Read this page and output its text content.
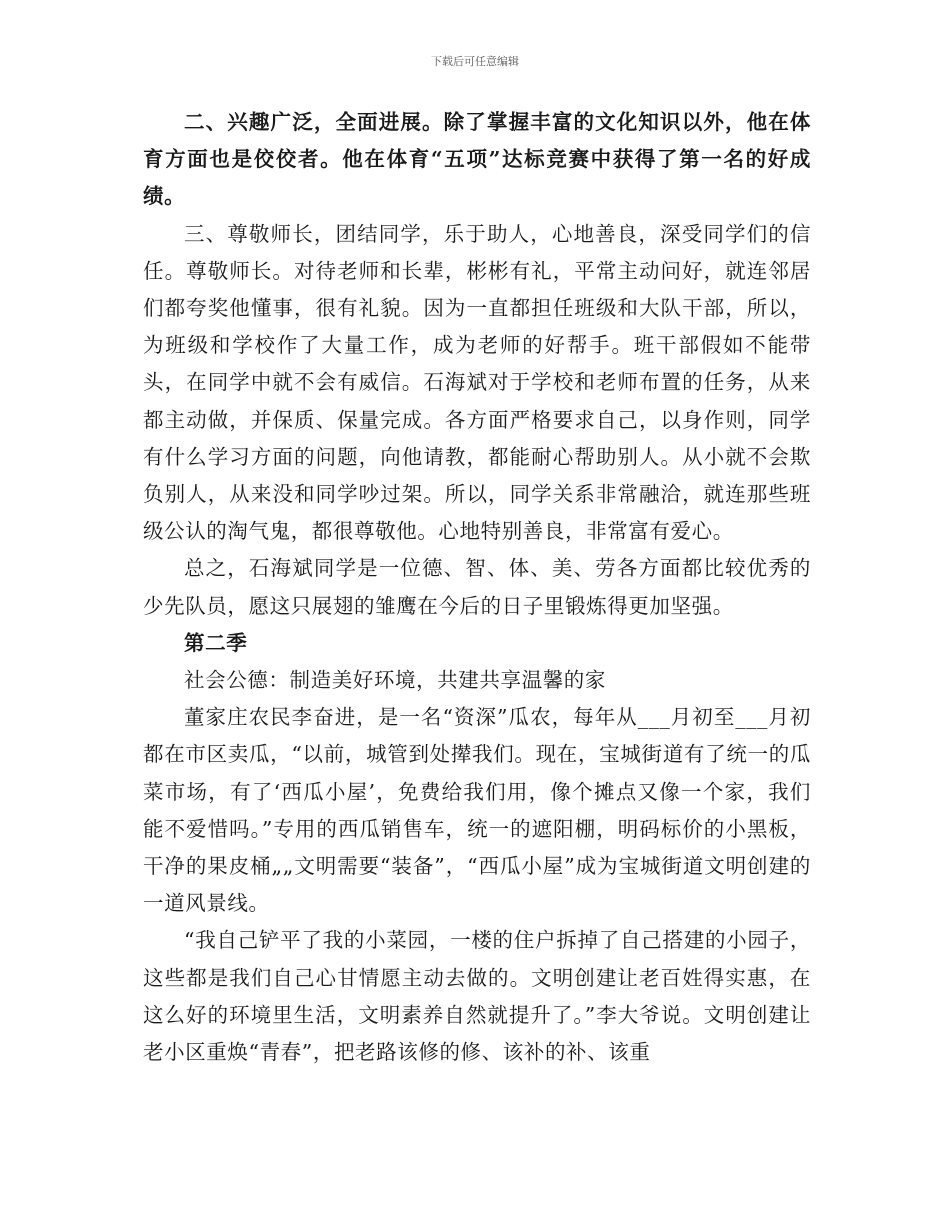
下载后可任意编辑

二、兴趣广泛，全面进展。除了掌握丰富的文化知识以外，他在体育方面也是佼佼者。他在体育“五项”达标竞赛中获得了第一名的好成绩。

三、尊敬师长，团结同学，乐于助人，心地善良，深受同学们的信任。尊敬师长。对待老师和长辈，彬彬有礼，平常主动问好，就连邻居们都夸奖他懂事，很有礼貌。因为一直都担任班级和大队干部，所以，为班级和学校作了大量工作，成为老师的好帮手。班干部假如不能带头，在同学中就不会有威信。石海斌对于学校和老师布置的任务，从来都主动做，并保质、保量完成。各方面严格要求自己，以身作则，同学有什么学习方面的问题，向他请教，都能耐心帮助别人。从小就不会欺负别人，从来没和同学吵过架。所以，同学关系非常融洽，就连那些班级公认的淘气鬼，都很尊敬他。心地特别善良，非常富有爱心。

总之，石海斌同学是一位德、智、体、美、劳各方面都比较优秀的少先队员，愿这只展翅的雏鹰在今后的日子里锻炼得更加坚强。

第二季

社会公德：制造美好环境，共建共享温馨的家

董家庄农民李奋进，是一名“资深”瓜农，每年从___月初至___月初都在市区卖瓜，“以前，城管到处撵我们。现在，宝城街道有了统一的瓜菜市场，有了‘西瓜小屋’，免费给我们用，像个摊点又像一个家，我们能不爱惜吗。”专用的西瓜销售车，统一的遮阳棚，明码标价的小黑板，干净的果皮桶„„文明需要“装备”，“西瓜小屋”成为宝城街道文明创建的一道风景线。

“我自己铲平了我的小菜园，一楼的住户拆掉了自己搭建的小园子，这些都是我们自己心甘情愿主动去做的。文明创建让老百姓得实惠，在这么好的环境里生活，文明素养自然就提升了。”李大爷说。文明创建让老小区重焕“青春”，把老路该修的修、该补的补、该重
